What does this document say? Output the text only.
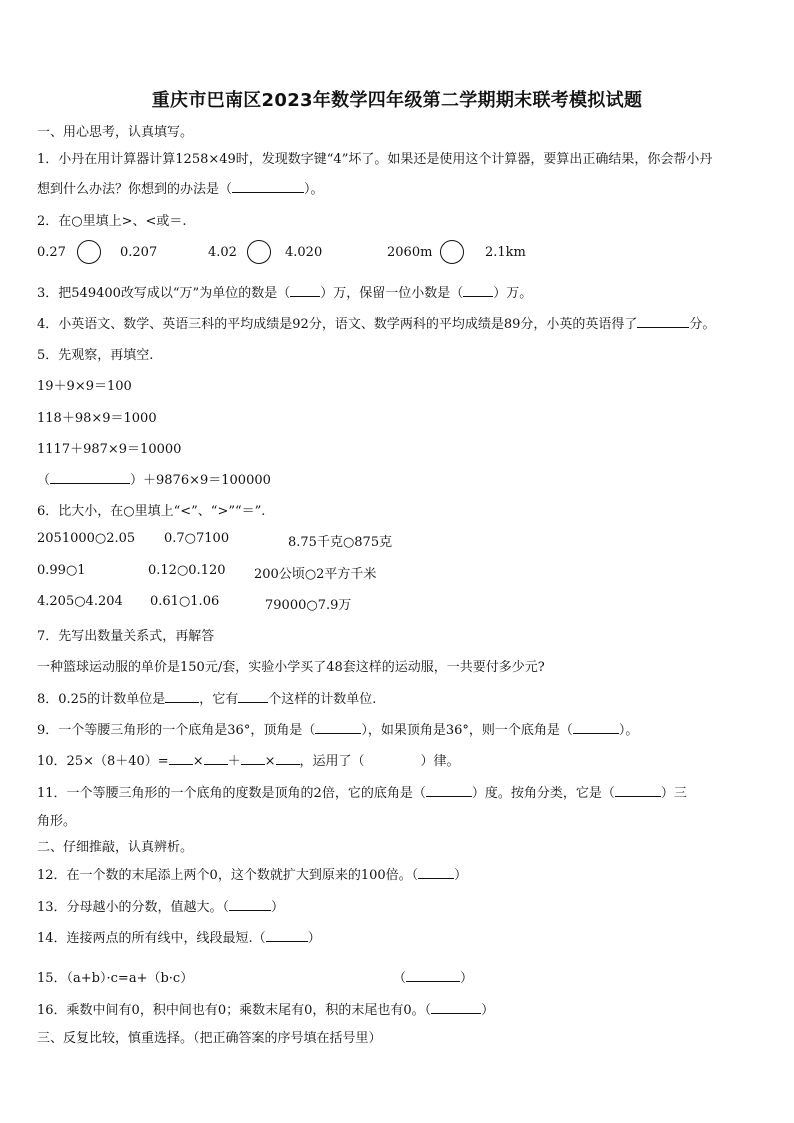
重庆市巴南区2023年数学四年级第二学期期末联考模拟试题
一、用心思考，认真填写。
1．小丹在用计算器计算1258×49时，发现数字键“4”坏了。如果还是使用这个计算器，要算出正确结果，你会帮小丹
想到什么办法？你想到的办法是（	）。
2．在○里填上>、<或＝.
0.27	0.207	4.02	4.020	2060m	2.1km
3．把549400改写成以“万”为单位的数是（ ）万，保留一位小数是（ ）万。
4．小英语文、数学、英语三科的平均成绩是92分，语文、数学两科的平均成绩是89分，小英的英语得了	分。
5．先观察，再填空.
19＋9×9＝100
118＋98×9＝1000
1117＋987×9＝10000
（	）＋9876×9＝100000
6．比大小，在○里填上“<”、“>”“＝”.
2051000○2.05 0.7○7100	8.75千克○875克
0.99○1	0.12○0.120 200公顷○2平方千米
4.205○4.204 0.61○1.06	79000○7.9万
7．先写出数量关系式，再解答
一种篮球运动服的单价是150元/套，实验小学买了48套这样的运动服，一共要付多少元?
8．0.25的计数单位是	，它有 个这样的计数单位.
9．一个等腰三角形的一个底角是36°，顶角是（	），如果顶角是36°，则一个底角是（	）。
10．25×（8＋40）= × ＋ × ，运用了（	）律。
11．一个等腰三角形的一个底角的度数是顶角的2倍，它的底角是（	）度。按角分类，它是（	）三
角形。
二、仔细推敲，认真辨析。
12．在一个数的末尾添上两个0，这个数就扩大到原来的100倍。（	）
13．分母越小的分数，值越大。（	）
14．连接两点的所有线中，线段最短.（	）
15．（a+b）·c=a+（b·c）	（	）
16．乘数中间有0，积中间也有0；乘数末尾有0，积的末尾也有0。（	）
三、反复比较，慎重选择。（把正确答案的序号填在括号里）
